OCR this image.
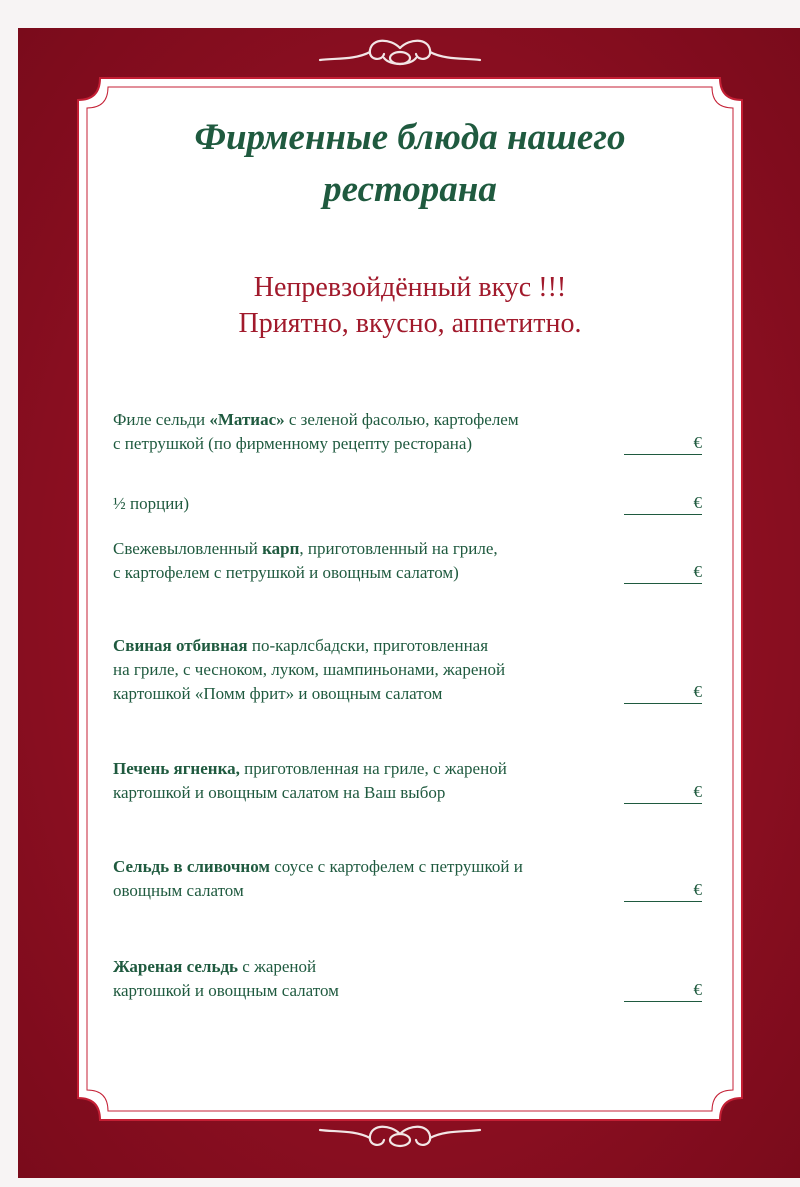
Фирменные блюда нашего ресторана
Непревзойдённый вкус !!!
Приятно, вкусно, аппетитно.
Филе сельди «Матиас» с зеленой фасолью, картофелем
с петрушкой (по фирменному рецепту ресторана)	€
½ порции)	€
Свежевыловленный карп, приготовленный на гриле,
с картофелем с петрушкой и овощным салатом)	€
Свиная отбивная по-карлсбадски, приготовленная
на гриле, с чесноком, луком, шампиньонами, жареной
картошкой «Помм фрит» и овощным салатом	€
Печень ягненка, приготовленная на гриле, с жареной
картошкой и овощным салатом на Ваш выбор	€
Сельдь в сливочном соусе с картофелем с петрушкой и
овощным салатом	€
Жареная сельдь с жареной
картошкой и овощным салатом	€
